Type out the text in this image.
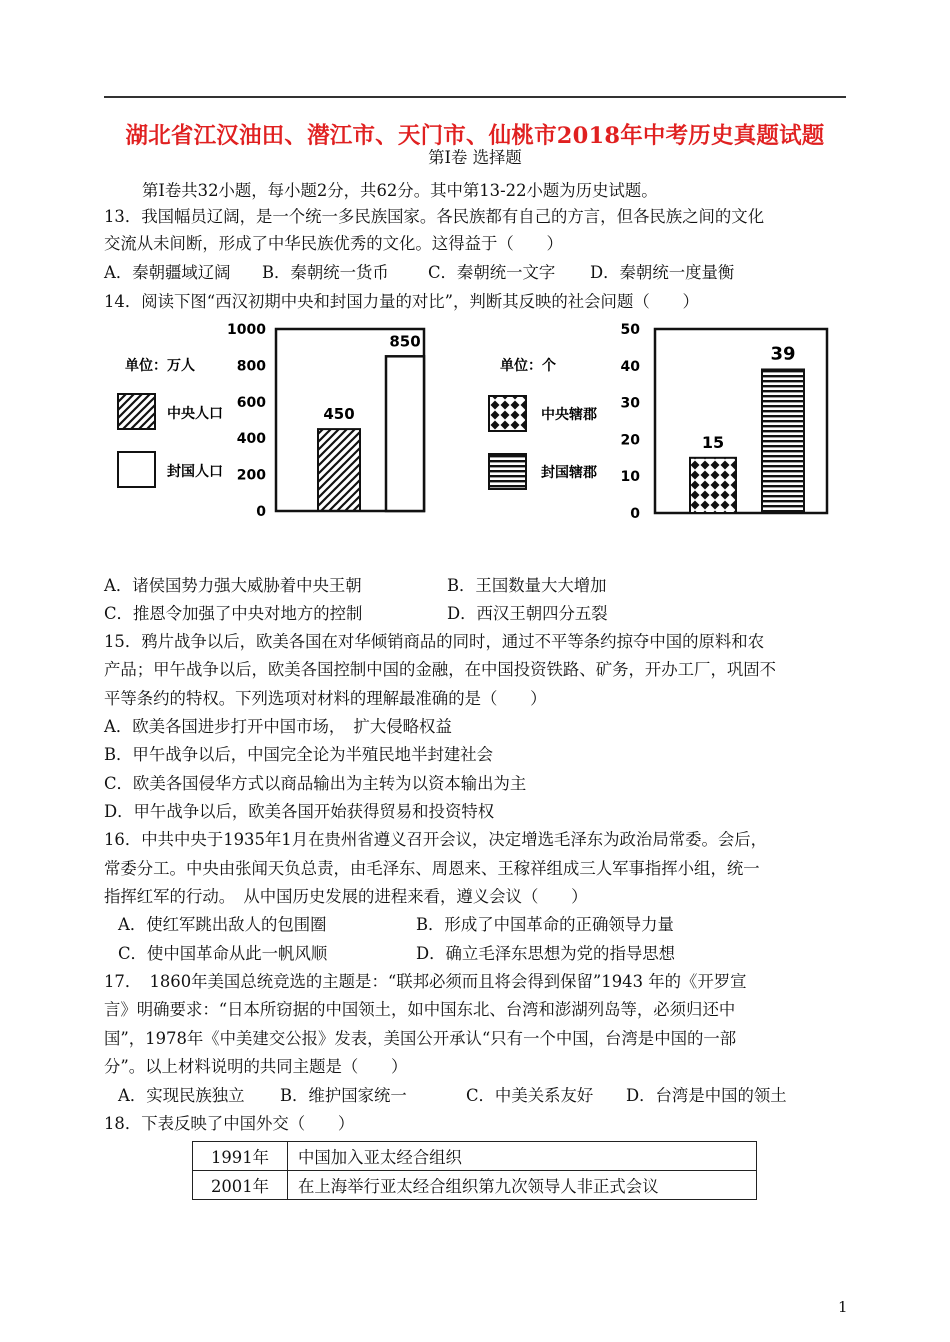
湖北省江汉油田、潜江市、天门市、仙桃市2018年中考历史真题试题
第Ⅰ卷 选择题
第Ⅰ卷共32小题，每小题2分，共62分。其中第13-22小题为历史试题。
13．我国幅员辽阔，是一个统一多民族国家。各民族都有自己的方言，但各民族之间的文化
交流从未间断，形成了中华民族优秀的文化。这得益于（　　）
A．秦朝疆域辽阔 B．秦朝统一货币 C．秦朝统一文字 D．秦朝统一度量衡
14．阅读下图“西汉初期中央和封国力量的对比”，判断其反映的社会问题（　　）
单位：万人
中央人口
封国人口
0
200
400
600
800
1000
450
850
单位：个
中央辖郡
封国辖郡
0
10
20
30
40
50
15
39
A．诸侯国势力强大威胁着中央王朝	B．王国数量大大增加
C．推恩令加强了中央对地方的控制	D．西汉王朝四分五裂
15．鸦片战争以后，欧美各国在对华倾销商品的同时，通过不平等条约掠夺中国的原料和农
产品；甲午战争以后，欧美各国控制中国的金融，在中国投资铁路、矿务，开办工厂，巩固不
平等条约的特权。下列选项对材料的理解最准确的是（　　）
A．欧美各国进步打开中国市场，　扩大侵略权益
B．甲午战争以后，中国完全论为半殖民地半封建社会
C．欧美各国侵华方式以商品输出为主转为以资本输出为主
D．甲午战争以后，欧美各国开始获得贸易和投资特权
16．中共中央于1935年1月在贵州省遵义召开会议，决定增选毛泽东为政治局常委。会后，
常委分工。中央由张闻天负总责，由毛泽东、周恩来、王稼祥组成三人军事指挥小组，统一
指挥红军的行动。　从中国历史发展的进程来看，遵义会议（　　）
A．使红军跳出敌人的包围圈	B．形成了中国革命的正确领导力量
C．使中国革命从此一帆风顺	D．确立毛泽东思想为党的指导思想
17．　1860年美国总统竞选的主题是：“联邦必须而且将会得到保留”1943 年的《开罗宣
言》明确要求：“日本所窃据的中国领土，如中国东北、台湾和澎湖列岛等，必须归还中
国”，1978年《中美建交公报》发表，美国公开承认“只有一个中国，台湾是中国的一部
分”。以上材料说明的共同主题是（　　）
A．实现民族独立 B．维护国家统一	C．中美关系友好 D．台湾是中国的领土
18．下表反映了中国外交（　　）
1991年	中国加入亚太经合组织
2001年	在上海举行亚太经合组织第九次领导人非正式会议
1
